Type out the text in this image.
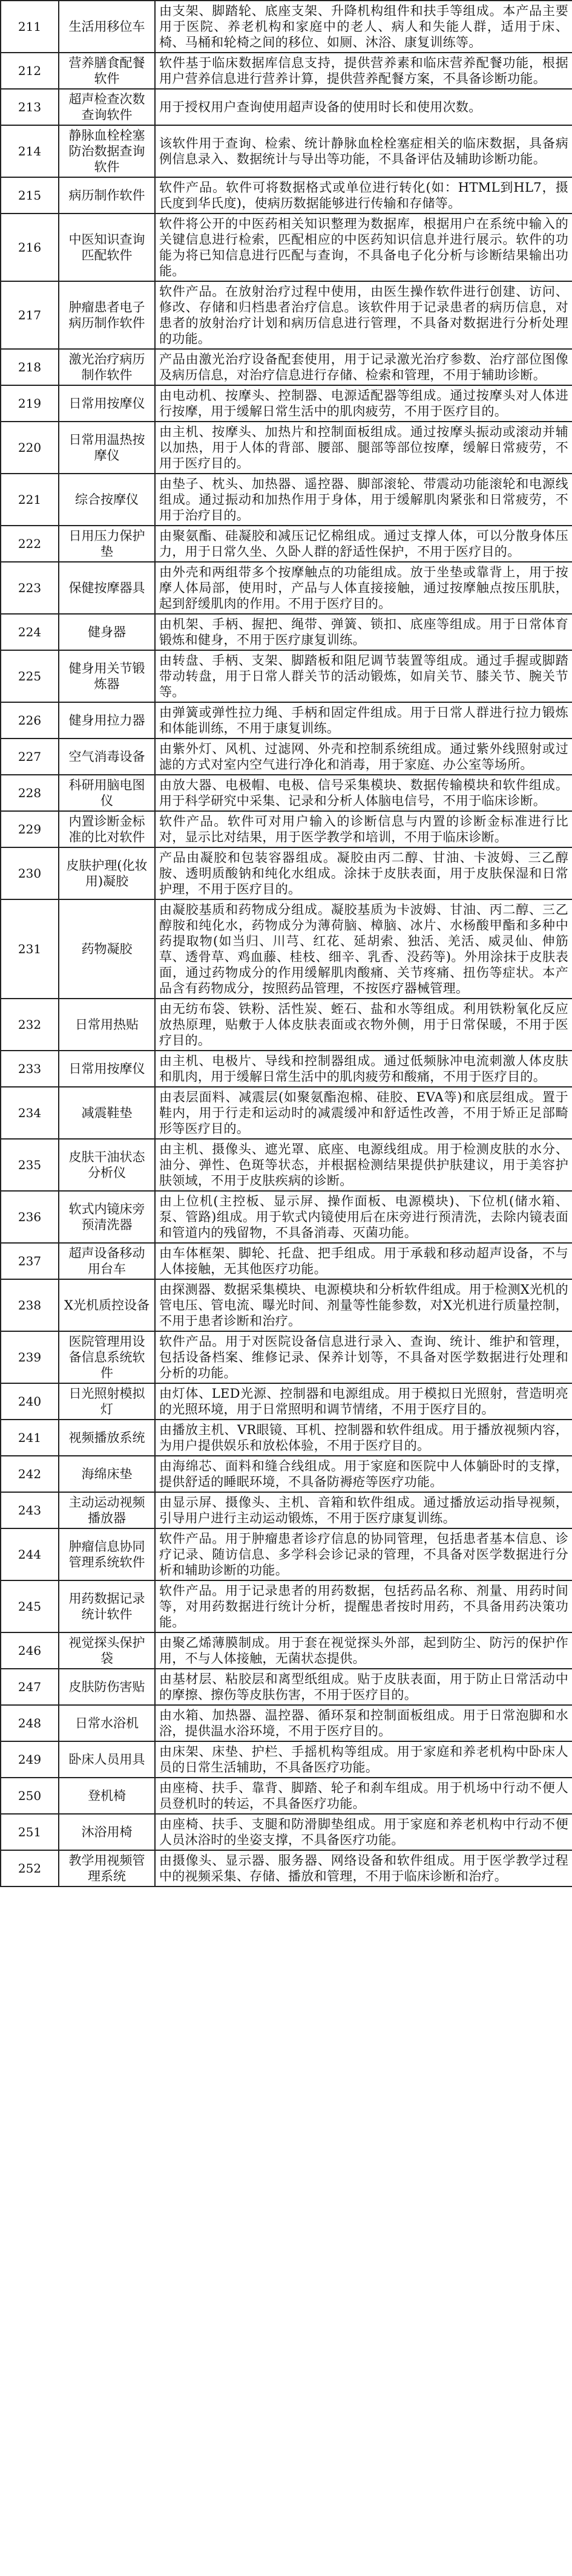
211	生活用移位车	由支架、脚踏轮、底座支架、升降机构组件和扶手等组成。本产品主要用于医院、养老机构和家庭中的老人、病人和失能人群，适用于床、椅、马桶和轮椅之间的移位、如厕、沐浴、康复训练等。
212	营养膳食配餐软件	软件基于临床数据库信息支持，提供营养素和临床营养配餐功能，根据用户营养信息进行营养计算，提供营养配餐方案，不具备诊断功能。
213	超声检查次数查询软件	用于授权用户查询使用超声设备的使用时长和使用次数。
214	静脉血栓栓塞防治数据查询软件	该软件用于查询、检索、统计静脉血栓栓塞症相关的临床数据，具备病例信息录入、数据统计与导出等功能，不具备评估及辅助诊断功能。
215	病历制作软件	软件产品。软件可将数据格式或单位进行转化(如：HTML到HL7，摄氏度到华氏度)，使病历数据能够进行传输和存储等。
216	中医知识查询匹配软件	软件将公开的中医药相关知识整理为数据库，根据用户在系统中输入的关键信息进行检索，匹配相应的中医药知识信息并进行展示。软件的功能为将已知信息进行匹配与查询，不具备电子化分析与诊断结果输出功能。
217	肿瘤患者电子病历制作软件	软件产品。在放射治疗过程中使用，由医生操作软件进行创建、访问、修改、存储和归档患者治疗信息。该软件用于记录患者的病历信息，对患者的放射治疗计划和病历信息进行管理，不具备对数据进行分析处理的功能。
218	激光治疗病历制作软件	产品由激光治疗设备配套使用，用于记录激光治疗参数、治疗部位图像及病历信息，对治疗信息进行存储、检索和管理，不用于辅助诊断。
219	日常用按摩仪	由电动机、按摩头、控制器、电源适配器等组成。通过按摩头对人体进行按摩，用于缓解日常生活中的肌肉疲劳，不用于医疗目的。
220	日常用温热按摩仪	由主机、按摩头、加热片和控制面板组成。通过按摩头振动或滚动并辅以加热，用于人体的背部、腰部、腿部等部位按摩，缓解日常疲劳，不用于医疗目的。
221	综合按摩仪	由垫子、枕头、加热器、遥控器、脚部滚轮、带震动功能滚轮和电源线组成。通过振动和加热作用于身体，用于缓解肌肉紧张和日常疲劳，不用于治疗目的。
222	日用压力保护垫	由聚氨酯、硅凝胶和减压记忆棉组成。通过支撑人体，可以分散身体压力，用于日常久坐、久卧人群的舒适性保护，不用于医疗目的。
223	保健按摩器具	由外壳和两组带多个按摩触点的功能组成。放于坐垫或靠背上，用于按摩人体局部，使用时，产品与人体直接接触，通过按摩触点按压肌肤，起到舒缓肌肉的作用。不用于医疗目的。
224	健身器	由机架、手柄、握把、绳带、弹簧、锁扣、底座等组成。用于日常体育锻炼和健身，不用于医疗康复训练。
225	健身用关节锻炼器	由转盘、手柄、支架、脚踏板和阻尼调节装置等组成。通过手握或脚踏带动转盘，用于日常人群关节的活动锻炼，如肩关节、膝关节、腕关节等。
226	健身用拉力器	由弹簧或弹性拉力绳、手柄和固定件组成。用于日常人群进行拉力锻炼和体能训练，不用于康复训练。
227	空气消毒设备	由紫外灯、风机、过滤网、外壳和控制系统组成。通过紫外线照射或过滤的方式对室内空气进行净化和消毒，用于家庭、办公室等场所。
228	科研用脑电图仪	由放大器、电极帽、电极、信号采集模块、数据传输模块和软件组成。用于科学研究中采集、记录和分析人体脑电信号，不用于临床诊断。
229	内置诊断金标准的比对软件	软件产品。软件可对用户输入的诊断信息与内置的诊断金标准进行比对，显示比对结果，用于医学教学和培训，不用于临床诊断。
230	皮肤护理(化妆用)凝胶	产品由凝胶和包装容器组成。凝胶由丙二醇、甘油、卡波姆、三乙醇胺、透明质酸钠和纯化水组成。涂抹于皮肤表面，用于皮肤保湿和日常护理，不用于医疗目的。
231	药物凝胶	由凝胶基质和药物成分组成。凝胶基质为卡波姆、甘油、丙二醇、三乙醇胺和纯化水，药物成分为薄荷脑、樟脑、冰片、水杨酸甲酯和多种中药提取物(如当归、川芎、红花、延胡索、独活、羌活、威灵仙、伸筋草、透骨草、鸡血藤、桂枝、细辛、乳香、没药等)。外用涂抹于皮肤表面，通过药物成分的作用缓解肌肉酸痛、关节疼痛、扭伤等症状。本产品含有药物成分，按照药品管理，不按医疗器械管理。
232	日常用热贴	由无纺布袋、铁粉、活性炭、蛭石、盐和水等组成。利用铁粉氧化反应放热原理，贴敷于人体皮肤表面或衣物外侧，用于日常保暖，不用于医疗目的。
233	日常用按摩仪	由主机、电极片、导线和控制器组成。通过低频脉冲电流刺激人体皮肤和肌肉，用于缓解日常生活中的肌肉疲劳和酸痛，不用于医疗目的。
234	减震鞋垫	由表层面料、减震层(如聚氨酯泡棉、硅胶、EVA等)和底层组成。置于鞋内，用于行走和运动时的减震缓冲和舒适性改善，不用于矫正足部畸形等医疗目的。
235	皮肤干油状态分析仪	由主机、摄像头、遮光罩、底座、电源线组成。用于检测皮肤的水分、油分、弹性、色斑等状态，并根据检测结果提供护肤建议，用于美容护肤领域，不用于皮肤疾病的诊断。
236	软式内镜床旁预清洗器	由上位机(主控板、显示屏、操作面板、电源模块)、下位机(储水箱、泵、管路)组成。用于软式内镜使用后在床旁进行预清洗，去除内镜表面和管道内的残留物，不具备消毒、灭菌功能。
237	超声设备移动用台车	由车体框架、脚轮、托盘、把手组成。用于承载和移动超声设备，不与人体接触，无其他医疗功能。
238	X光机质控设备	由探测器、数据采集模块、电源模块和分析软件组成。用于检测X光机的管电压、管电流、曝光时间、剂量等性能参数，对X光机进行质量控制，不用于患者诊断和治疗。
239	医院管理用设备信息系统软件	软件产品。用于对医院设备信息进行录入、查询、统计、维护和管理，包括设备档案、维修记录、保养计划等，不具备对医学数据进行处理和分析的功能。
240	日光照射模拟灯	由灯体、LED光源、控制器和电源组成。用于模拟日光照射，营造明亮的光照环境，用于日常照明和调节情绪，不用于医疗目的。
241	视频播放系统	由播放主机、VR眼镜、耳机、控制器和软件组成。用于播放视频内容，为用户提供娱乐和放松体验，不用于医疗目的。
242	海绵床垫	由海绵芯、面料和缝合线组成。用于家庭和医院中人体躺卧时的支撑，提供舒适的睡眠环境，不具备防褥疮等医疗功能。
243	主动运动视频播放器	由显示屏、摄像头、主机、音箱和软件组成。通过播放运动指导视频，引导用户进行主动运动锻炼，不用于医疗康复训练。
244	肿瘤信息协同管理系统软件	软件产品。用于肿瘤患者诊疗信息的协同管理，包括患者基本信息、诊疗记录、随访信息、多学科会诊记录的管理，不具备对医学数据进行分析和辅助诊断的功能。
245	用药数据记录统计软件	软件产品。用于记录患者的用药数据，包括药品名称、剂量、用药时间等，对用药数据进行统计分析，提醒患者按时用药，不具备用药决策功能。
246	视觉探头保护袋	由聚乙烯薄膜制成。用于套在视觉探头外部，起到防尘、防污的保护作用，不与人体接触，无菌状态提供。
247	皮肤防伤害贴	由基材层、粘胶层和离型纸组成。贴于皮肤表面，用于防止日常活动中的摩擦、擦伤等皮肤伤害，不用于医疗目的。
248	日常水浴机	由水箱、加热器、温控器、循环泵和控制面板组成。用于日常泡脚和水浴，提供温水浴环境，不用于医疗目的。
249	卧床人员用具	由床架、床垫、护栏、手摇机构等组成。用于家庭和养老机构中卧床人员的日常生活辅助，不具备医疗功能。
250	登机椅	由座椅、扶手、靠背、脚踏、轮子和刹车组成。用于机场中行动不便人员登机时的转运，不具备医疗功能。
251	沐浴用椅	由座椅、扶手、支腿和防滑脚垫组成。用于家庭和养老机构中行动不便人员沐浴时的坐姿支撑，不具备医疗功能。
252	教学用视频管理系统	由摄像头、显示器、服务器、网络设备和软件组成。用于医学教学过程中的视频采集、存储、播放和管理，不用于临床诊断和治疗。
